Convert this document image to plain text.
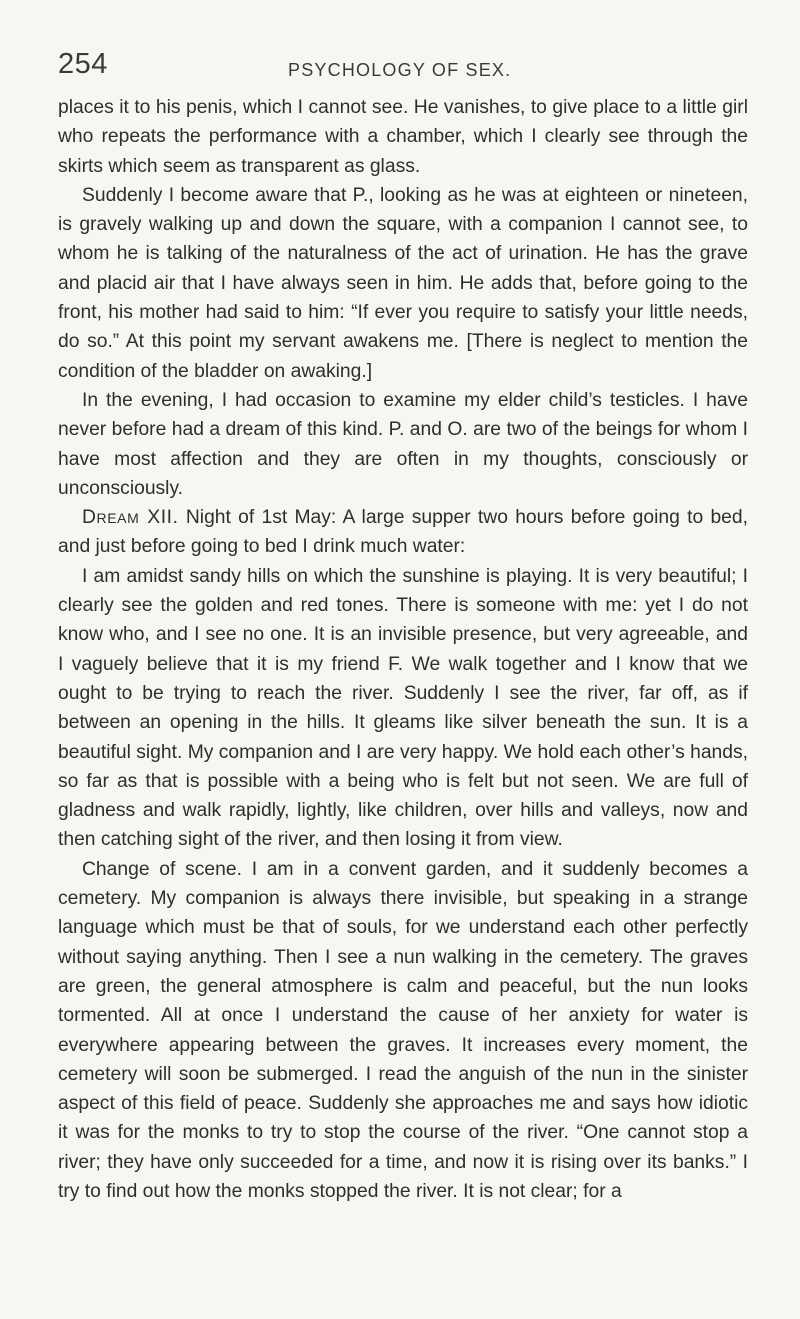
254	PSYCHOLOGY OF SEX.

places it to his penis, which I cannot see. He vanishes, to give place to a little girl who repeats the performance with a chamber, which I clearly see through the skirts which seem as transparent as glass.

Suddenly I become aware that P., looking as he was at eighteen or nineteen, is gravely walking up and down the square, with a companion I cannot see, to whom he is talking of the naturalness of the act of urination. He has the grave and placid air that I have always seen in him. He adds that, before going to the front, his mother had said to him: “If ever you require to satisfy your little needs, do so.” At this point my servant awakens me. [There is neglect to mention the condition of the bladder on awaking.]

In the evening, I had occasion to examine my elder child’s testicles. I have never before had a dream of this kind. P. and O. are two of the beings for whom I have most affection and they are often in my thoughts, consciously or unconsciously.

Dream XII. Night of 1st May: A large supper two hours before going to bed, and just before going to bed I drink much water:

I am amidst sandy hills on which the sunshine is playing. It is very beautiful; I clearly see the golden and red tones. There is someone with me: yet I do not know who, and I see no one. It is an invisible presence, but very agreeable, and I vaguely believe that it is my friend F. We walk together and I know that we ought to be trying to reach the river. Suddenly I see the river, far off, as if between an opening in the hills. It gleams like silver beneath the sun. It is a beautiful sight. My companion and I are very happy. We hold each other’s hands, so far as that is possible with a being who is felt but not seen. We are full of gladness and walk rapidly, lightly, like children, over hills and valleys, now and then catching sight of the river, and then losing it from view.

Change of scene. I am in a convent garden, and it suddenly becomes a cemetery. My companion is always there invisible, but speaking in a strange language which must be that of souls, for we understand each other perfectly without saying anything. Then I see a nun walking in the cemetery. The graves are green, the general atmosphere is calm and peaceful, but the nun looks tormented. All at once I understand the cause of her anxiety for water is everywhere appearing between the graves. It increases every moment, the cemetery will soon be submerged. I read the anguish of the nun in the sinister aspect of this field of peace. Suddenly she approaches me and says how idiotic it was for the monks to try to stop the course of the river. “One cannot stop a river; they have only succeeded for a time, and now it is rising over its banks.” I try to find out how the monks stopped the river. It is not clear; for a
